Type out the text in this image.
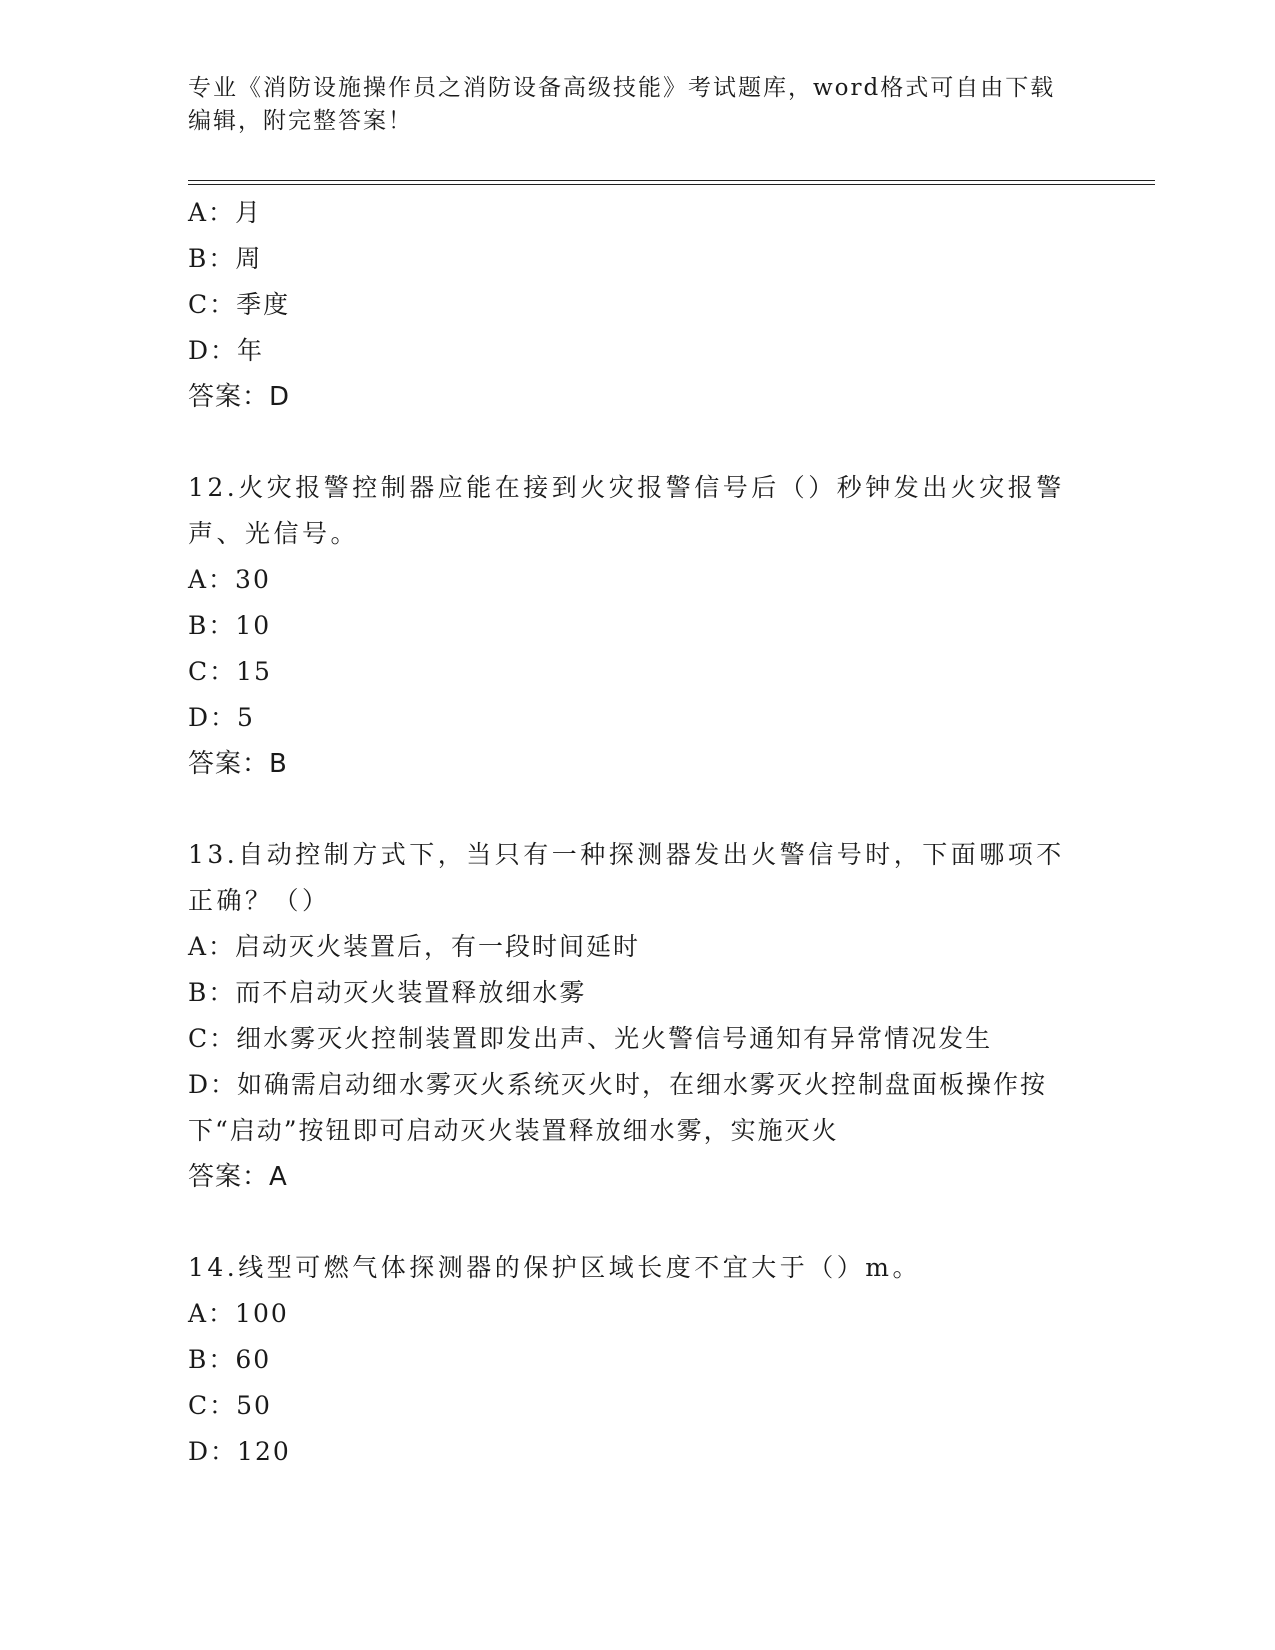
专业《消防设施操作员之消防设备高级技能》考试题库，word格式可自由下载编辑，附完整答案！
A：月
B：周
C：季度
D：年
答案：D
12.火灾报警控制器应能在接到火灾报警信号后（）秒钟发出火灾报警声、光信号。
A：30
B：10
C：15
D：5
答案：B
13.自动控制方式下，当只有一种探测器发出火警信号时，下面哪项不正确？（）
A：启动灭火装置后，有一段时间延时
B：而不启动灭火装置释放细水雾
C：细水雾灭火控制装置即发出声、光火警信号通知有异常情况发生
D：如确需启动细水雾灭火系统灭火时，在细水雾灭火控制盘面板操作按下“启动”按钮即可启动灭火装置释放细水雾，实施灭火
答案：A
14.线型可燃气体探测器的保护区域长度不宜大于（）m。
A：100
B：60
C：50
D：120
